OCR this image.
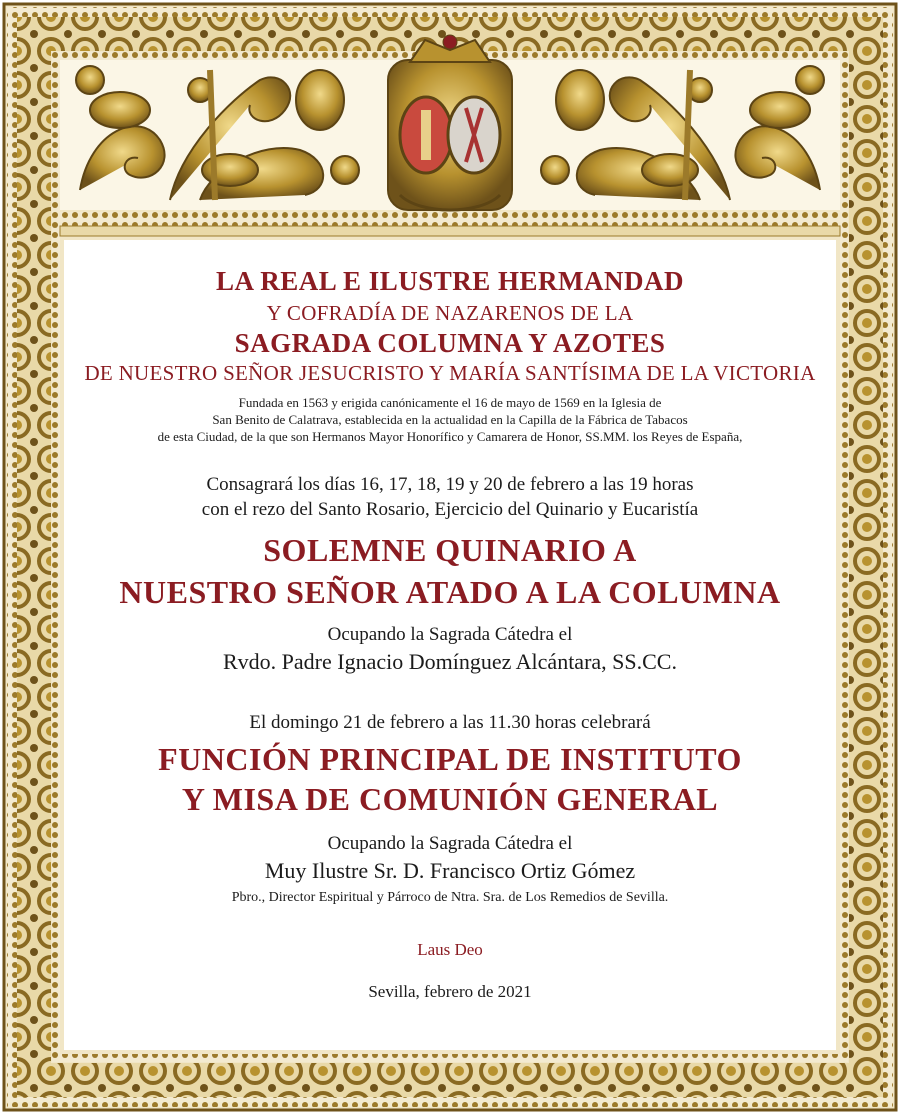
LA REAL E ILUSTRE HERMANDAD
Y COFRADÍA DE NAZARENOS DE LA
SAGRADA COLUMNA Y AZOTES
DE NUESTRO SEÑOR JESUCRISTO Y MARÍA SANTÍSIMA DE LA VICTORIA
Fundada en 1563 y erigida canónicamente el 16 de mayo de 1569 en la Iglesia de
San Benito de Calatrava, establecida en la actualidad en la Capilla de la Fábrica de Tabacos
de esta Ciudad, de la que son Hermanos Mayor Honorífico y Camarera de Honor, SS.MM. los Reyes de España,
Consagrará los días 16, 17, 18, 19 y 20 de febrero a las 19 horas
con el rezo del Santo Rosario, Ejercicio del Quinario y Eucaristía
SOLEMNE QUINARIO A
NUESTRO SEÑOR ATADO A LA COLUMNA
Ocupando la Sagrada Cátedra el
Rvdo. Padre Ignacio Domínguez Alcántara, SS.CC.
El domingo 21 de febrero a las 11.30 horas celebrará
FUNCIÓN PRINCIPAL DE INSTITUTO
Y MISA DE COMUNIÓN GENERAL
Ocupando la Sagrada Cátedra el
Muy Ilustre Sr. D. Francisco Ortiz Gómez
Pbro., Director Espiritual y Párroco de Ntra. Sra. de Los Remedios de Sevilla.
Laus Deo
Sevilla, febrero de 2021
